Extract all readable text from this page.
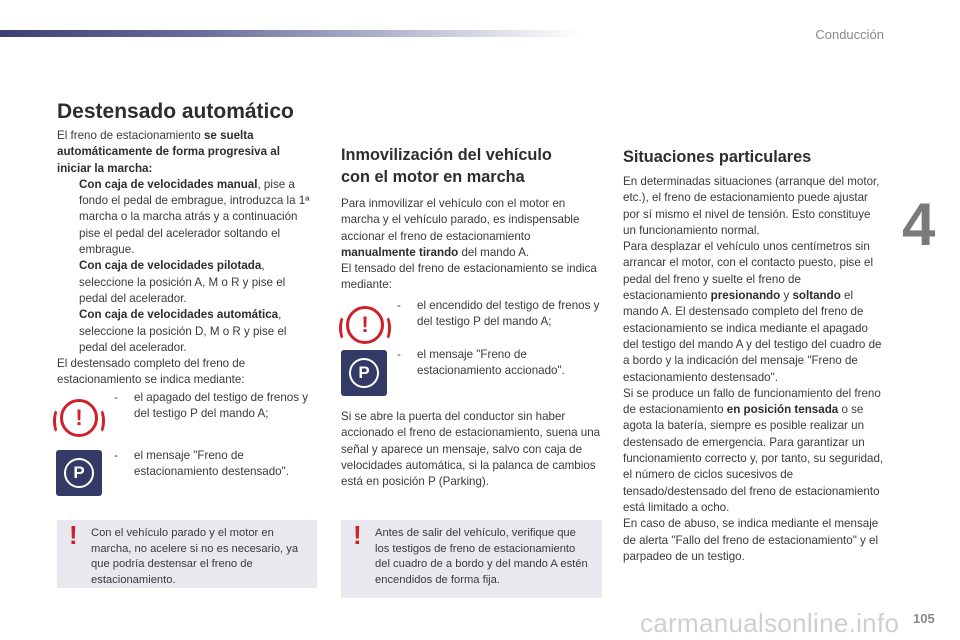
Conducción
4
carmanualsonline.info 105
Destensado automático

El freno de estacionamiento se suelta automáticamente de forma progresiva al iniciar la marcha:

Con caja de velocidades manual, pise a fondo el pedal de embrague, introduzca la 1ª marcha o la marcha atrás y a continuación pise el pedal del acelerador soltando el embrague.
Con caja de velocidades pilotada, seleccione la posición A, M o R y pise el pedal del acelerador.
Con caja de velocidades automática, seleccione la posición D, M o R y pise el pedal del acelerador.

El destensado completo del freno de estacionamiento se indica mediante:

!
-	el apagado del testigo de frenos y del testigo P del mando A;
P
-	el mensaje "Freno de estacionamiento destensado".
! Con el vehículo parado y el motor en marcha, no acelere si no es necesario, ya que podría destensar el freno de estacionamiento.
Inmovilización del vehículo
con el motor en marcha

Para inmovilizar el vehículo con el motor en marcha y el vehículo parado, es indispensable accionar el freno de estacionamiento manualmente tirando del mando A.

El tensado del freno de estacionamiento se indica mediante:

!
-	el encendido del testigo de frenos y del testigo P del mando A;
P
-	el mensaje "Freno de estacionamiento accionado".
Si se abre la puerta del conductor sin haber accionado el freno de estacionamiento, suena una señal y aparece un mensaje, salvo con caja de velocidades automática, si la palanca de cambios está en posición P (Parking).
! Antes de salir del vehículo, verifique que los testigos de freno de estacionamiento del cuadro de a bordo y del mando A estén encendidos de forma fija.
Situaciones particulares

En determinadas situaciones (arranque del motor, etc.), el freno de estacionamiento puede ajustar por sí mismo el nivel de tensión. Esto constituye un funcionamiento normal.

Para desplazar el vehículo unos centímetros sin arrancar el motor, con el contacto puesto, pise el pedal del freno y suelte el freno de estacionamiento presionando y soltando el mando A. El destensado completo del freno de estacionamiento se indica mediante el apagado del testigo del mando A y del testigo del cuadro de a bordo y la indicación del mensaje "Freno de estacionamiento destensado".

Si se produce un fallo de funcionamiento del freno de estacionamiento en posición tensada o se agota la batería, siempre es posible realizar un destensado de emergencia. Para garantizar un funcionamiento correcto y, por tanto, su seguridad, el número de ciclos sucesivos de tensado/destensado del freno de estacionamiento está limitado a ocho.

En caso de abuso, se indica mediante el mensaje de alerta "Fallo del freno de estacionamiento" y el parpadeo de un testigo.
